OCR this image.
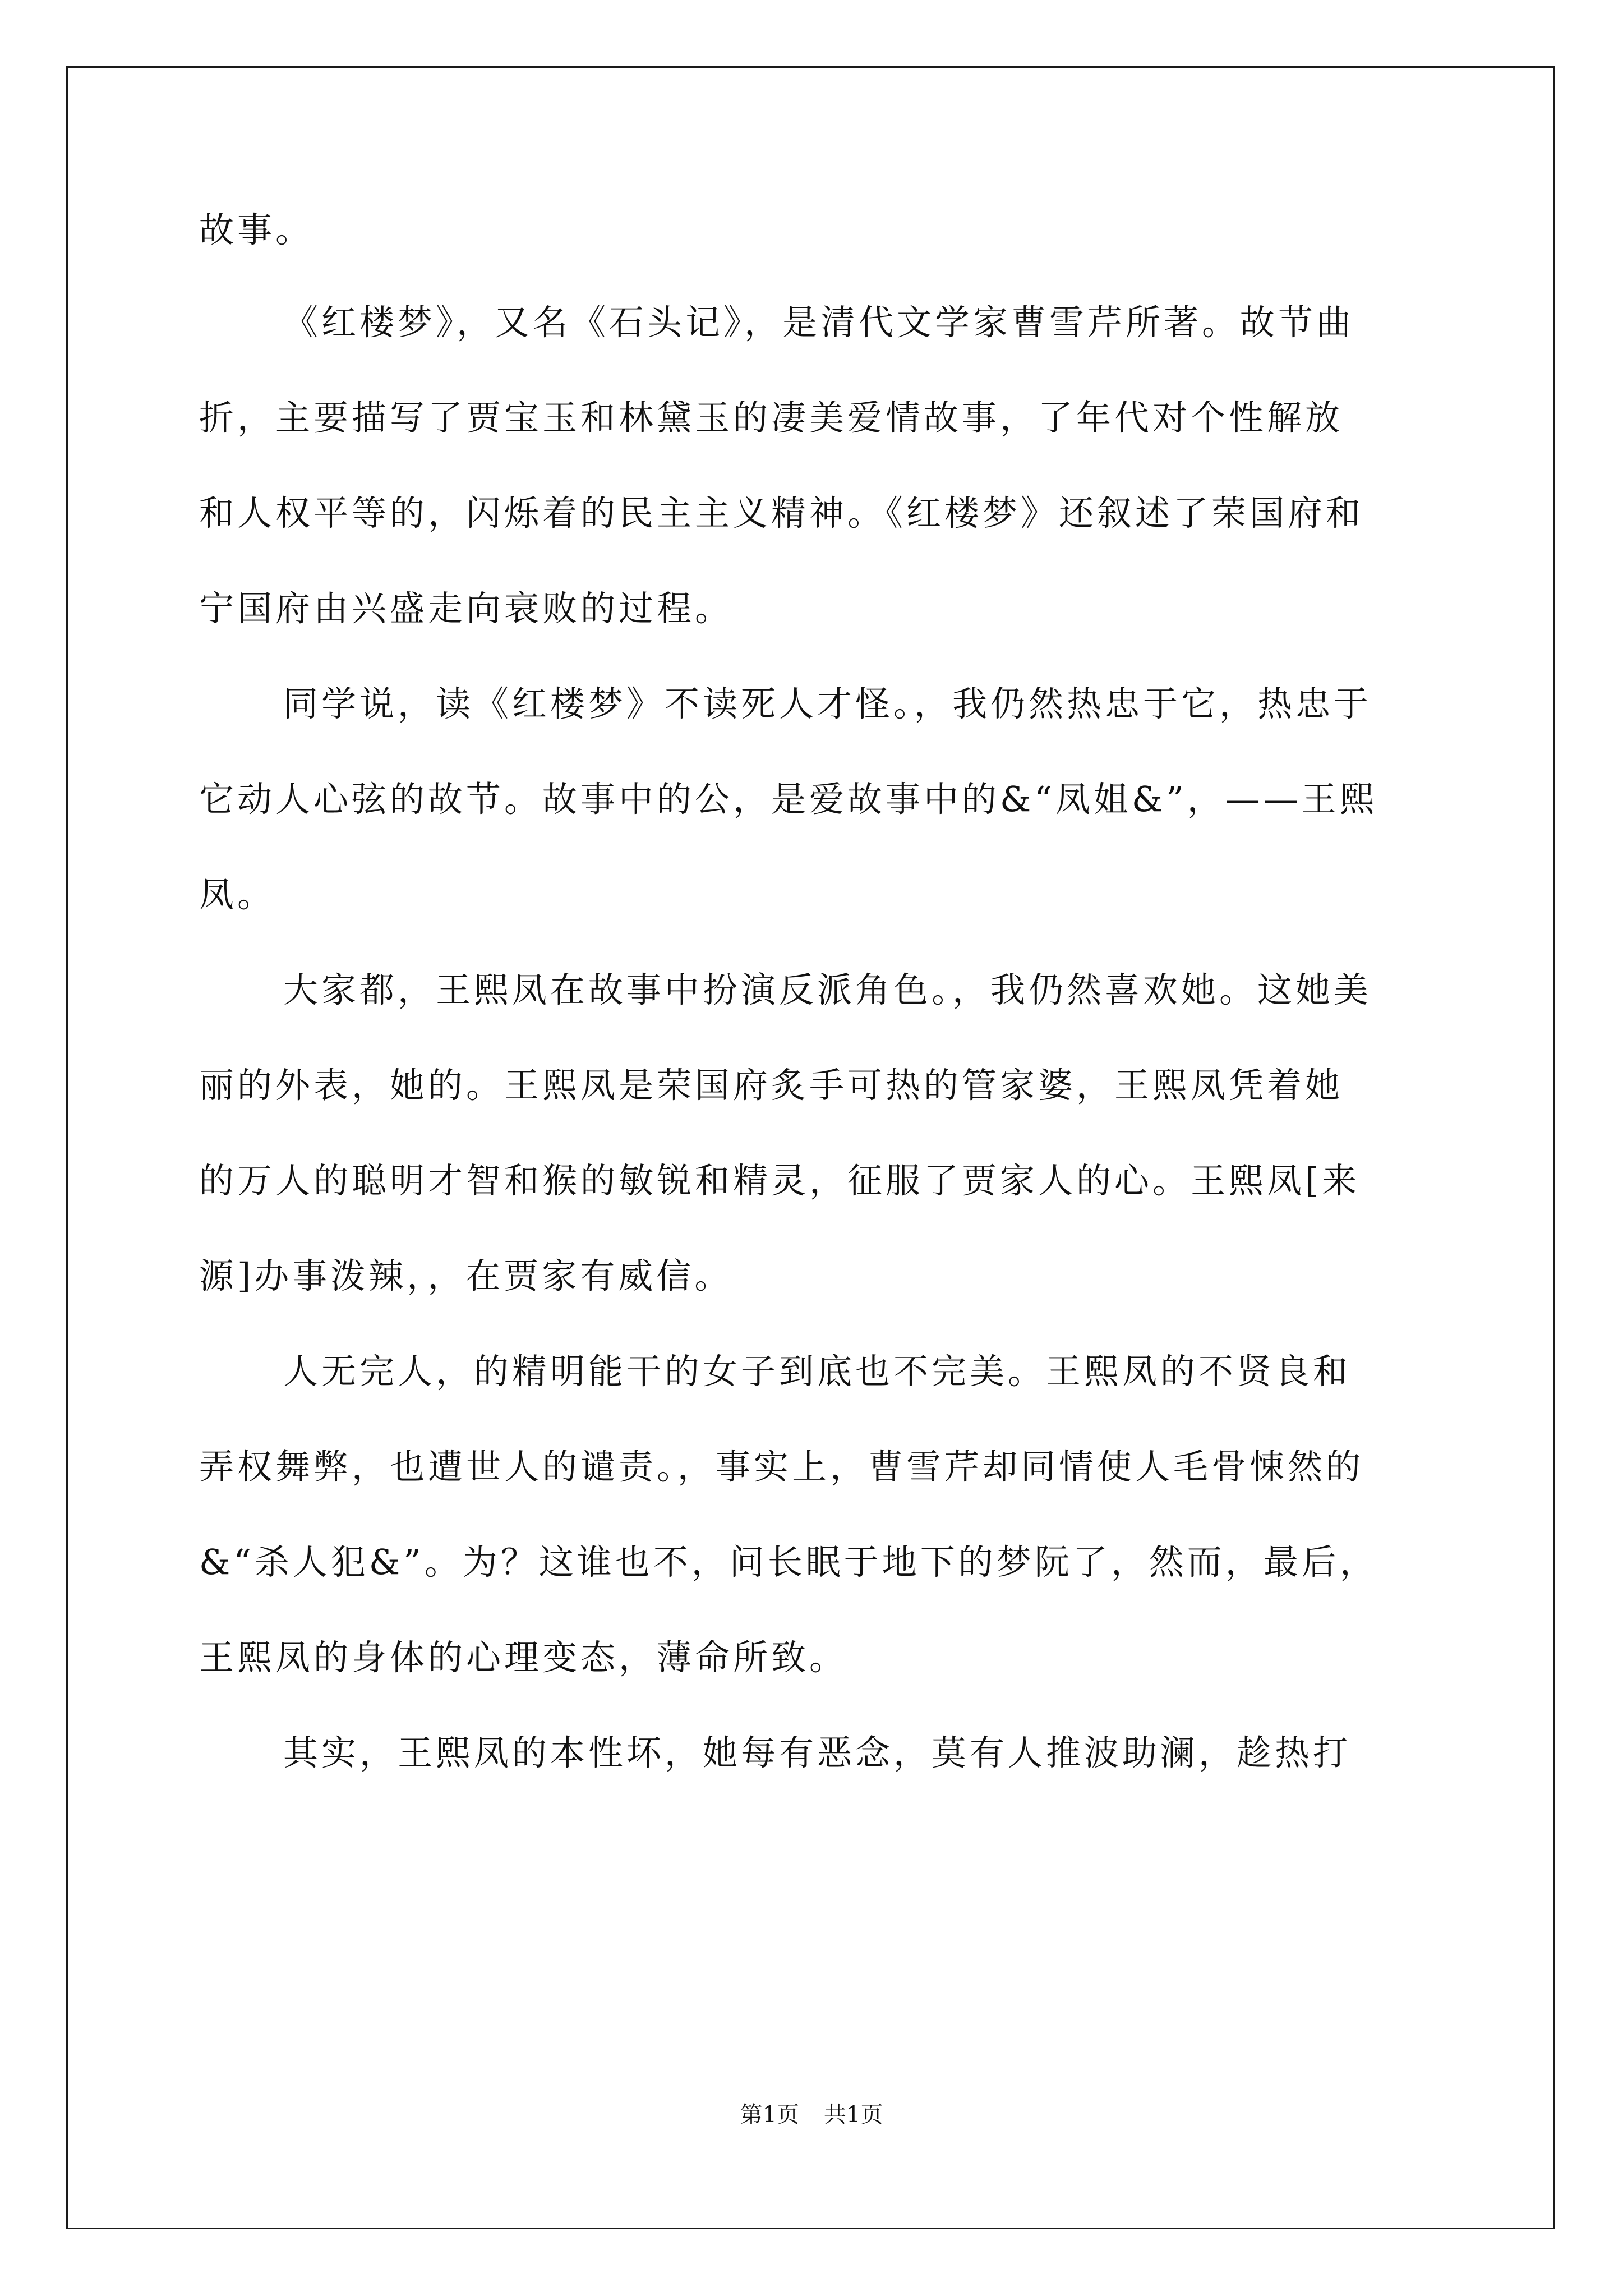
故事。
《红楼梦》，又名《石头记》，是清代文学家曹雪芹所著。故节曲
折，主要描写了贾宝玉和林黛玉的凄美爱情故事，了年代对个性解放
和人权平等的，闪烁着的民主主义精神。《红楼梦》还叙述了荣国府和
宁国府由兴盛走向衰败的过程。
同学说，读《红楼梦》不读死人才怪。，我仍然热忠于它，热忠于
它动人心弦的故节。故事中的公，是爱故事中的&“凤姐&”，——王熙
凤。
大家都，王熙凤在故事中扮演反派角色。，我仍然喜欢她。这她美
丽的外表，她的。王熙凤是荣国府炙手可热的管家婆，王熙凤凭着她
的万人的聪明才智和猴的敏锐和精灵，征服了贾家人的心。王熙凤[来
源]办事泼辣，，在贾家有威信。
人无完人，的精明能干的女子到底也不完美。王熙凤的不贤良和
弄权舞弊，也遭世人的谴责。，事实上，曹雪芹却同情使人毛骨悚然的
&“杀人犯&”。为？这谁也不，问长眠于地下的梦阮了，然而，最后，
王熙凤的身体的心理变态，薄命所致。
其实，王熙凤的本性坏，她每有恶念，莫有人推波助澜，趁热打
第1页 共1页
